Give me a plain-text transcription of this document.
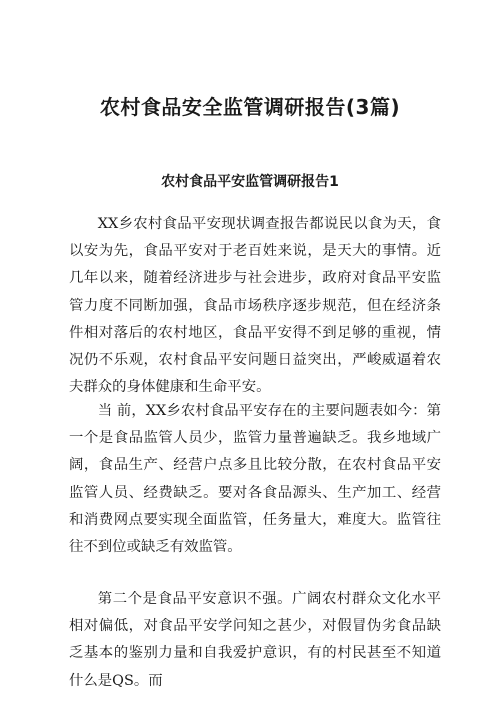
农村食品安全监管调研报告(3篇)
农村食品平安监管调研报告1

XX乡农村食品平安现状调查报告都说民以食为天，食以安为先，食品平安对于老百姓来说，是天大的事情。近几年以来，随着经济进步与社会进步，政府对食品平安监管力度不同断加强，食品市场秩序逐步规范，但在经济条件相对落后的农村地区，食品平安得不到足够的重视，情况仍不乐观，农村食品平安问题日益突出，严峻威逼着农夫群众的身体健康和生命平安。

当 前，XX乡农村食品平安存在的主要问题表如今：第一个是食品监管人员少，监管力量普遍缺乏。我乡地域广阔，食品生产、经营户点多且比较分散，在农村食品平安监管人员、经费缺乏。要对各食品源头、生产加工、经营和消费网点要实现全面监管，任务量大，难度大。监管往往不到位或缺乏有效监管。

第二个是食品平安意识不强。广阔农村群众文化水平相对偏低，对食品平安学问知之甚少，对假冒伪劣食品缺乏基本的鉴别力量和自我爱护意识，有的村民甚至不知道什么是QS。而
